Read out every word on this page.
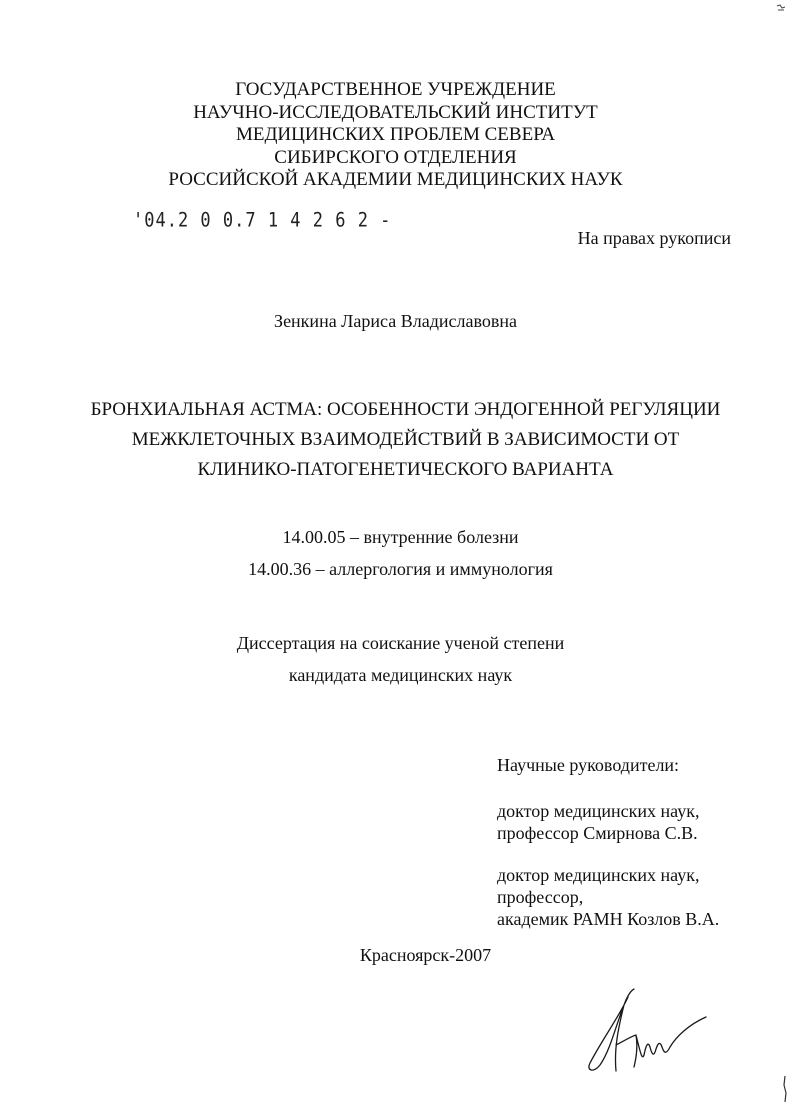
ГОСУДАРСТВЕННОЕ УЧРЕЖДЕНИЕ
НАУЧНО-ИССЛЕДОВАТЕЛЬСКИЙ ИНСТИТУТ
МЕДИЦИНСКИХ ПРОБЛЕМ СЕВЕРА
СИБИРСКОГО ОТДЕЛЕНИЯ
РОССИЙСКОЙ АКАДЕМИИ МЕДИЦИНСКИХ НАУК
'04.2 0 0.7 1 4 2 6 2 -
На правах рукописи
Зенкина Лариса Владиславовна
БРОНХИАЛЬНАЯ АСТМА: ОСОБЕННОСТИ ЭНДОГЕННОЙ РЕГУЛЯЦИИ
МЕЖКЛЕТОЧНЫХ ВЗАИМОДЕЙСТВИЙ В ЗАВИСИМОСТИ ОТ
КЛИНИКО-ПАТОГЕНЕТИЧЕСКОГО ВАРИАНТА
14.00.05 – внутренние болезни
14.00.36 – аллергология и иммунология
Диссертация на соискание ученой степени
кандидата медицинских наук
Научные руководители:
доктор медицинских наук,
профессор Смирнова С.В.
доктор медицинских наук,
профессор,
академик РАМН Козлов В.А.
Красноярск-2007
